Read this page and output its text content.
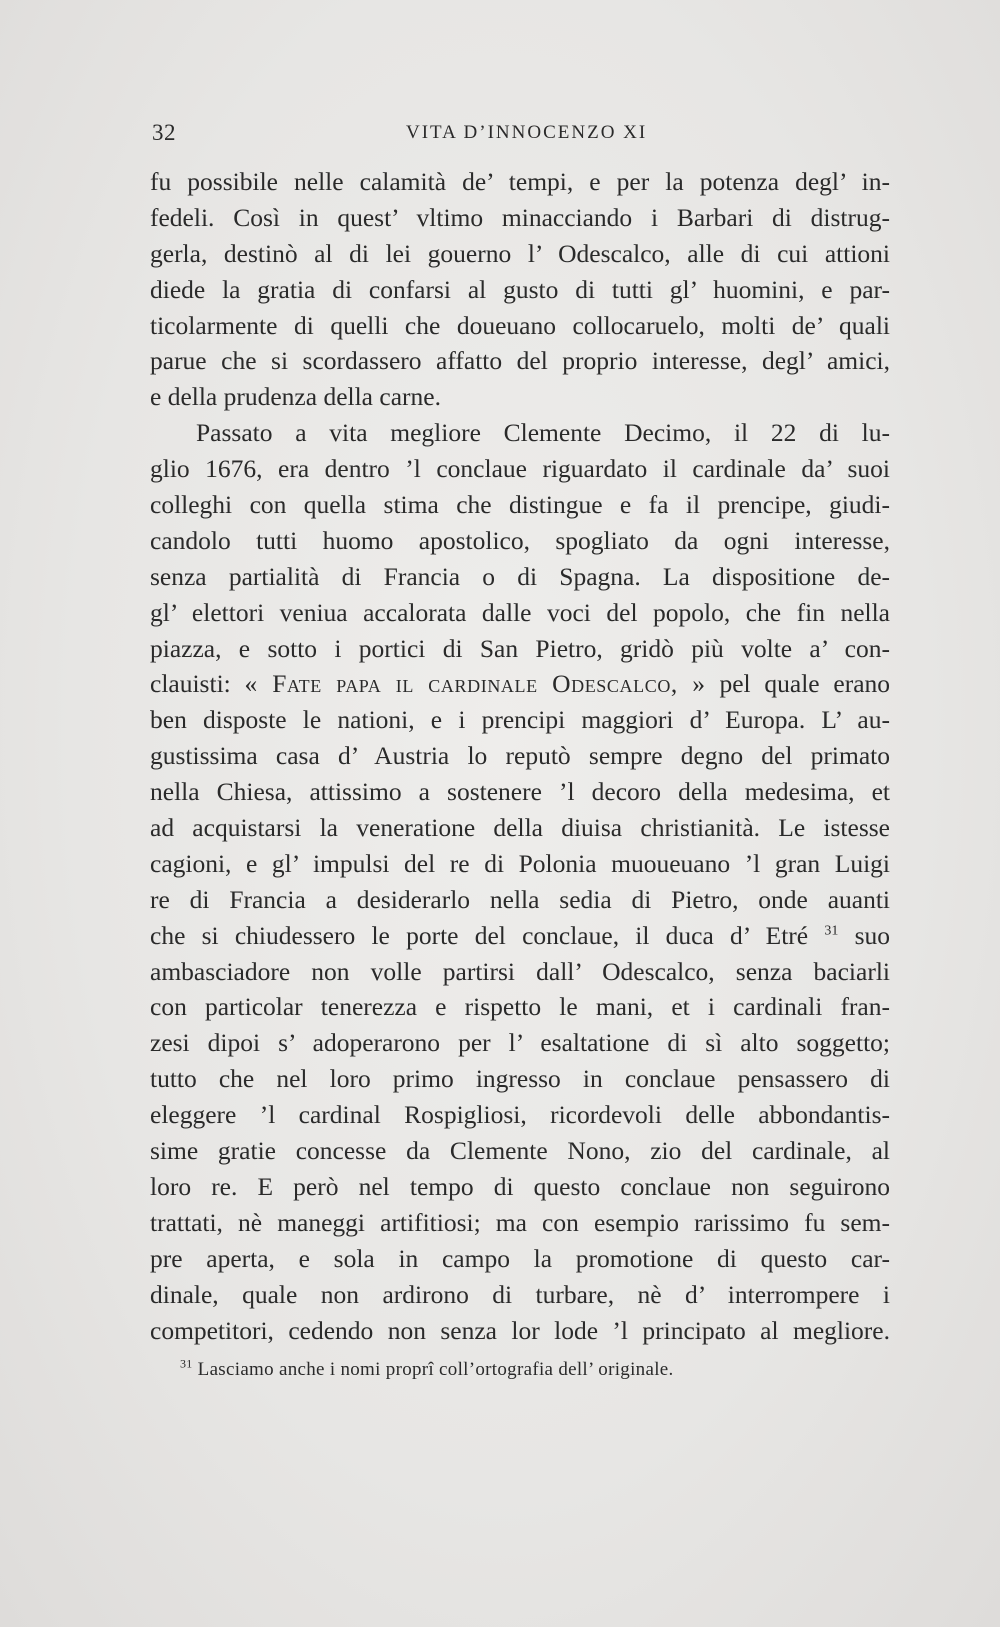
32	VITA D’INNOCENZO XI
fu possibile nelle calamità de’ tempi, e per la potenza degl’ in-
fedeli. Così in quest’ vltimo minacciando i Barbari di distrug-
gerla, destinò al di lei gouerno l’ Odescalco, alle di cui attioni
diede la gratia di confarsi al gusto di tutti gl’ huomini, e par-
ticolarmente di quelli che doueuano collocaruelo, molti de’ quali
parue che si scordassero affatto del proprio interesse, degl’ amici,
e della prudenza della carne.
Passato a vita megliore Clemente Decimo, il 22 di lu-
glio 1676, era dentro ’l conclaue riguardato il cardinale da’ suoi
colleghi con quella stima che distingue e fa il prencipe, giudi-
candolo tutti huomo apostolico, spogliato da ogni interesse,
senza partialità di Francia o di Spagna. La dispositione de-
gl’ elettori veniua accalorata dalle voci del popolo, che fin nella
piazza, e sotto i portici di San Pietro, gridò più volte a’ con-
clauisti: « Fate papa il cardinale Odescalco, » pel quale erano
ben disposte le nationi, e i prencipi maggiori d’ Europa. L’ au-
gustissima casa d’ Austria lo reputò sempre degno del primato
nella Chiesa, attissimo a sostenere ’l decoro della medesima, et
ad acquistarsi la veneratione della diuisa christianità. Le istesse
cagioni, e gl’ impulsi del re di Polonia muoueuano ’l gran Luigi
re di Francia a desiderarlo nella sedia di Pietro, onde auanti
che si chiudessero le porte del conclaue, il duca d’ Etré $^{31}$ suo
ambasciadore non volle partirsi dall’ Odescalco, senza baciarli
con particolar tenerezza e rispetto le mani, et i cardinali fran-
zesi dipoi s’ adoperarono per l’ esaltatione di sì alto soggetto;
tutto che nel loro primo ingresso in conclaue pensassero di
eleggere ’l cardinal Rospigliosi, ricordevoli delle abbondantis-
sime gratie concesse da Clemente Nono, zio del cardinale, al
loro re. E però nel tempo di questo conclaue non seguirono
trattati, nè maneggi artifitiosi; ma con esempio rarissimo fu sem-
pre aperta, e sola in campo la promotione di questo car-
dinale, quale non ardirono di turbare, nè d’ interrompere i
competitori, cedendo non senza lor lode ’l principato al megliore.
$^{31}$ Lasciamo anche i nomi proprî coll’ortografia dell’ originale.
